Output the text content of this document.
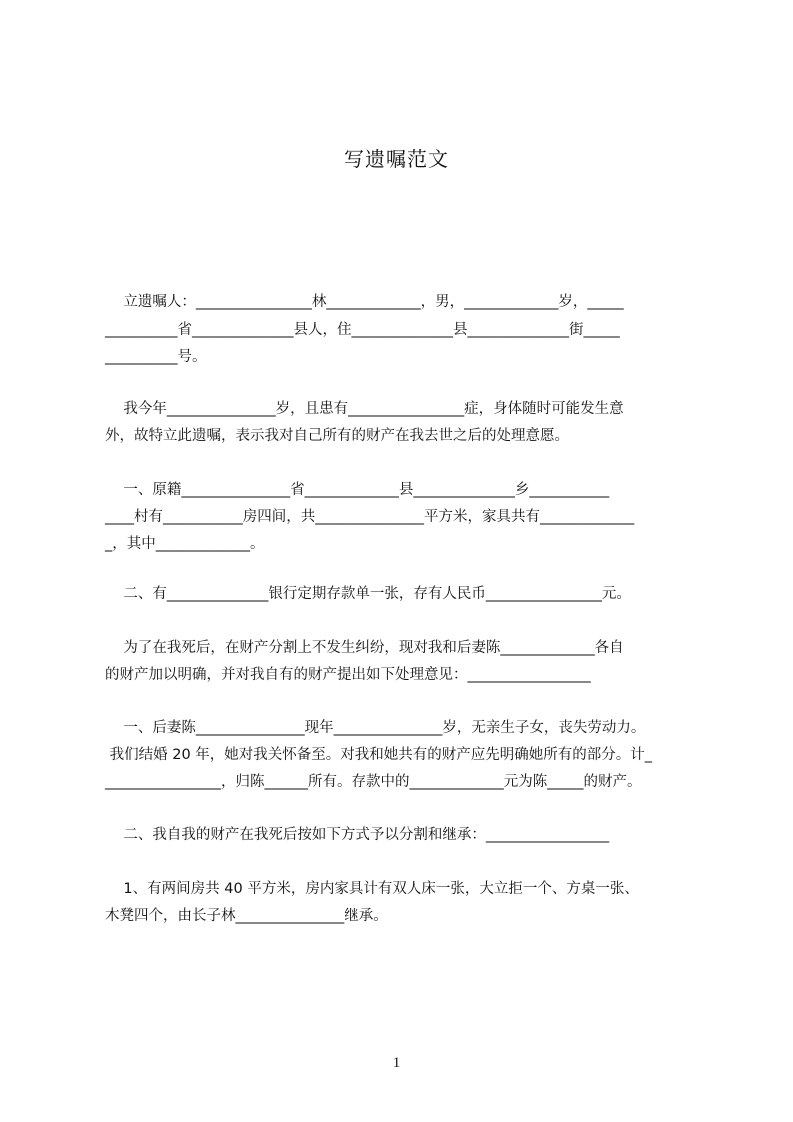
写遗嘱范文
立遗嘱人：________________林_____________，男，_____________岁，_____
__________省______________县人，住______________县______________街_____
__________号。
我今年_______________岁，且患有________________症，身体随时可能发生意
外，故特立此遗嘱，表示我对自己所有的财产在我去世之后的处理意愿。
一、原籍_______________省_____________县______________乡___________
____村有___________房四间，共_______________平方米，家具共有_____________
_，其中_____________。
二、有______________银行定期存款单一张，存有人民币________________元。
为了在我死后，在财产分割上不发生纠纷，现对我和后妻陈_____________各自
的财产加以明确，并对我自有的财产提出如下处理意见：_________________
一、后妻陈_______________现年_______________岁，无亲生子女，丧失劳动力。
我们结婚 20 年，她对我关怀备至。对我和她共有的财产应先明确她所有的部分。计_
________________，归陈______所有。存款中的_____________元为陈_____的财产。
二、我自我的财产在我死后按如下方式予以分割和继承：_________________
1、有两间房共 40 平方米，房内家具计有双人床一张，大立拒一个、方桌一张、
木凳四个，由长子林_______________继承。
1
